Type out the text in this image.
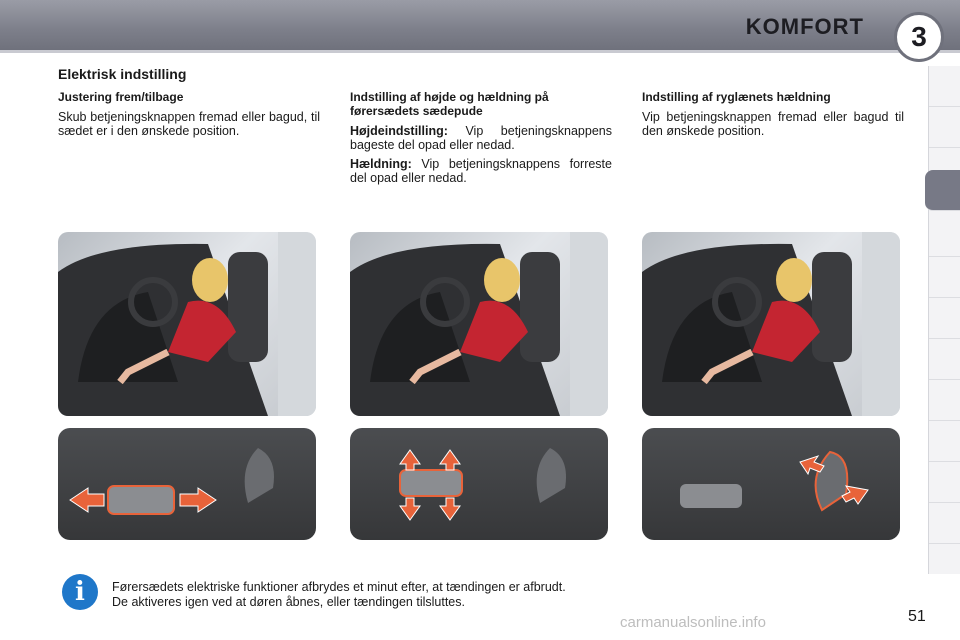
KOMFORT	3
Elektrisk indstilling
Justering frem/tilbage

Skub betjeningsknappen fremad eller bagud, til sædet er i den ønskede position.

Indstilling af højde og hældning på førersædets sædepude

Højdeindstilling: Vip betjeningsknappens bageste del opad eller nedad.

Hældning: Vip betjeningsknappens forreste del opad eller nedad.

Indstilling af ryglænets hældning

Vip betjeningsknappen fremad eller bagud til den ønskede position.

i	Førersædets elektriske funktioner afbrydes et minut efter, at tændingen er afbrudt.
De aktiveres igen ved at døren åbnes, eller tændingen tilsluttes.
carmanualsonline.info	51
